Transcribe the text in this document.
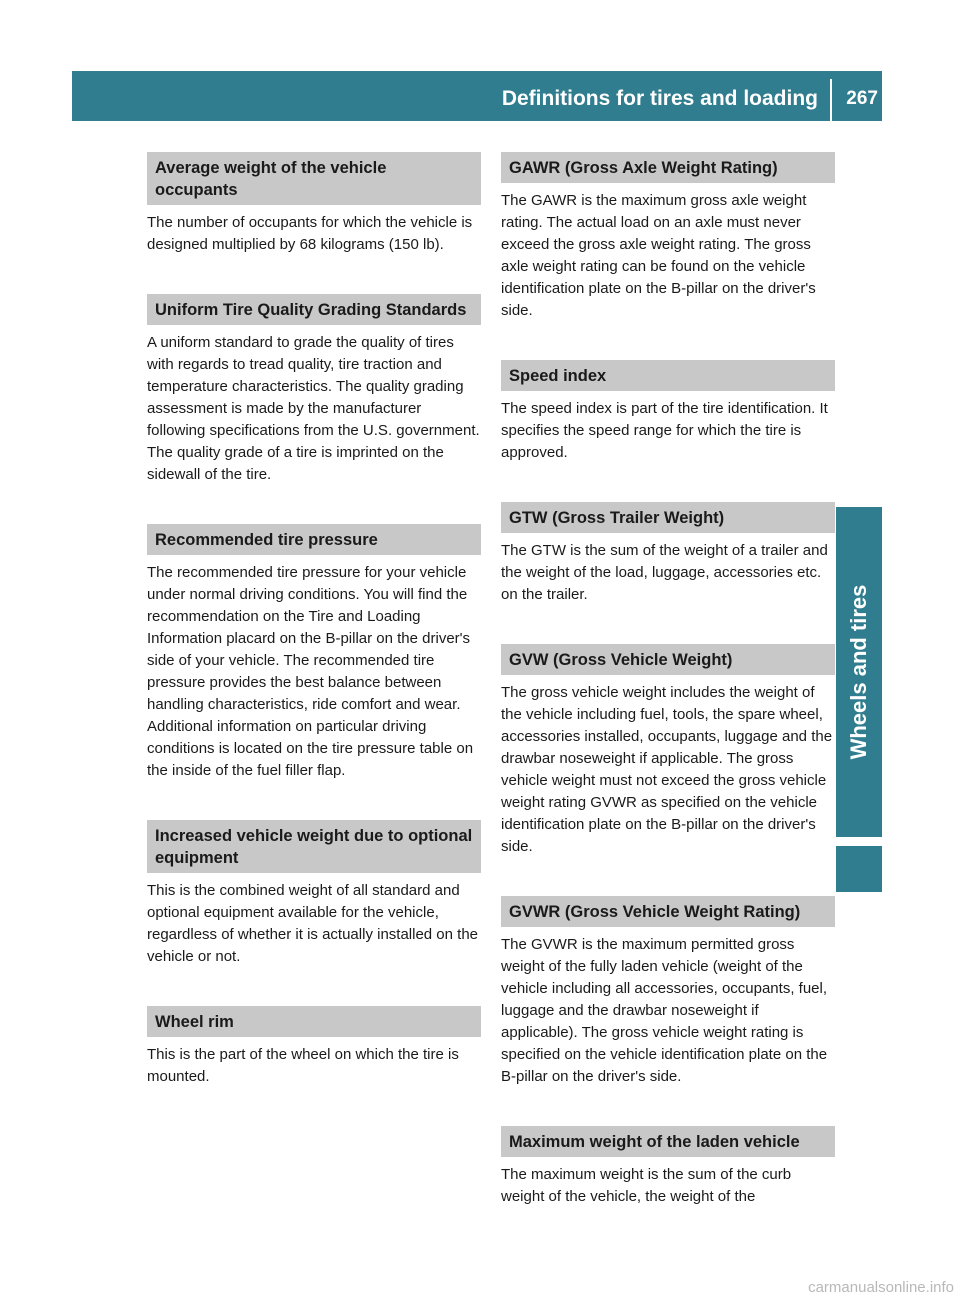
Definitions for tires and loading 267
Wheels and tires
Average weight of the vehicle occupants
The number of occupants for which the vehicle is designed multiplied by 68 kilograms (150 lb).
Uniform Tire Quality Grading Standards
A uniform standard to grade the quality of tires with regards to tread quality, tire traction and temperature characteristics. The quality grading assessment is made by the manufacturer following specifications from the U.S. government. The quality grade of a tire is imprinted on the sidewall of the tire.
Recommended tire pressure
The recommended tire pressure for your vehicle under normal driving conditions. You will find the recommendation on the Tire and Loading Information placard on the B-pillar on the driver's side of your vehicle. The recommended tire pressure provides the best balance between handling characteristics, ride comfort and wear. Additional information on particular driving conditions is located on the tire pressure table on the inside of the fuel filler flap.
Increased vehicle weight due to optional equipment
This is the combined weight of all standard and optional equipment available for the vehicle, regardless of whether it is actually installed on the vehicle or not.
Wheel rim
This is the part of the wheel on which the tire is mounted.
GAWR (Gross Axle Weight Rating)
The GAWR is the maximum gross axle weight rating. The actual load on an axle must never exceed the gross axle weight rating. The gross axle weight rating can be found on the vehicle identification plate on the B-pillar on the driver's side.
Speed index
The speed index is part of the tire identification. It specifies the speed range for which the tire is approved.
GTW (Gross Trailer Weight)
The GTW is the sum of the weight of a trailer and the weight of the load, luggage, accessories etc. on the trailer.
GVW (Gross Vehicle Weight)
The gross vehicle weight includes the weight of the vehicle including fuel, tools, the spare wheel, accessories installed, occupants, luggage and the drawbar noseweight if applicable. The gross vehicle weight must not exceed the gross vehicle weight rating GVWR as specified on the vehicle identification plate on the B-pillar on the driver's side.
GVWR (Gross Vehicle Weight Rating)
The GVWR is the maximum permitted gross weight of the fully laden vehicle (weight of the vehicle including all accessories, occupants, fuel, luggage and the drawbar noseweight if applicable). The gross vehicle weight rating is specified on the vehicle identification plate on the B-pillar on the driver's side.
Maximum weight of the laden vehicle
The maximum weight is the sum of the curb weight of the vehicle, the weight of the
carmanualsonline.info
